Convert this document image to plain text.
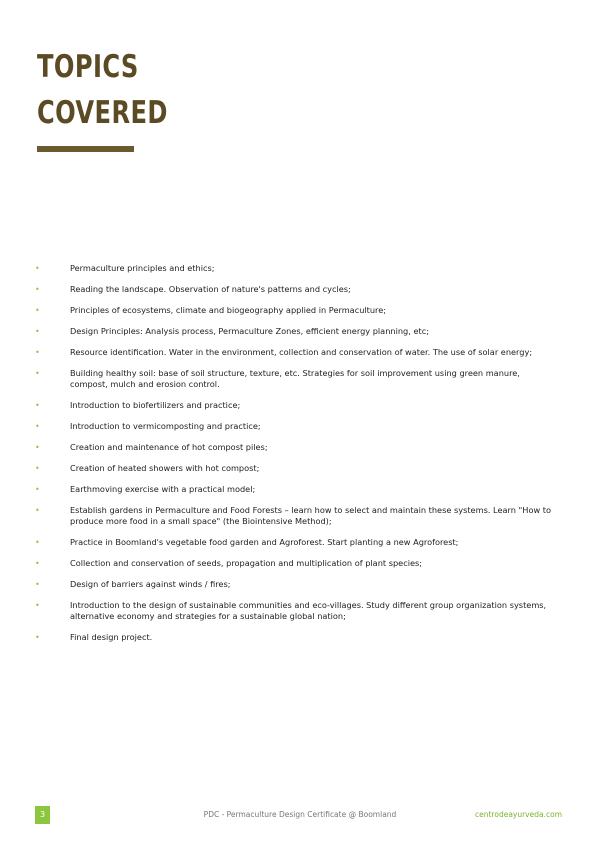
TOPICS
COVERED
•	Permaculture principles and ethics;
•	Reading the landscape. Observation of nature's patterns and cycles;
•	Principles of ecosystems, climate and biogeography applied in Permaculture;
•	Design Principles: Analysis process, Permaculture Zones, efficient energy planning, etc;
•	Resource identification. Water in the environment, collection and conservation of water. The use of solar energy;
•	Building healthy soil: base of soil structure, texture, etc. Strategies for soil improvement using green manure, compost, mulch and erosion control.
•	Introduction to biofertilizers and practice;
•	Introduction to vermicomposting and practice;
•	Creation and maintenance of hot compost piles;
•	Creation of heated showers with hot compost;
•	Earthmoving exercise with a practical model;
•	Establish gardens in Permaculture and Food Forests – learn how to select and maintain these systems. Learn "How to produce more food in a small space" (the Biointensive Method);
•	Practice in Boomland's vegetable food garden and Agroforest. Start planting a new Agroforest;
•	Collection and conservation of seeds, propagation and multiplication of plant species;
•	Design of barriers against winds / fires;
•	Introduction to the design of sustainable communities and eco-villages. Study different group organization systems, alternative economy and strategies for a sustainable global nation;
•	Final design project.
3	PDC - Permaculture Design Certificate @ Boomland	centrodeayurveda.com
